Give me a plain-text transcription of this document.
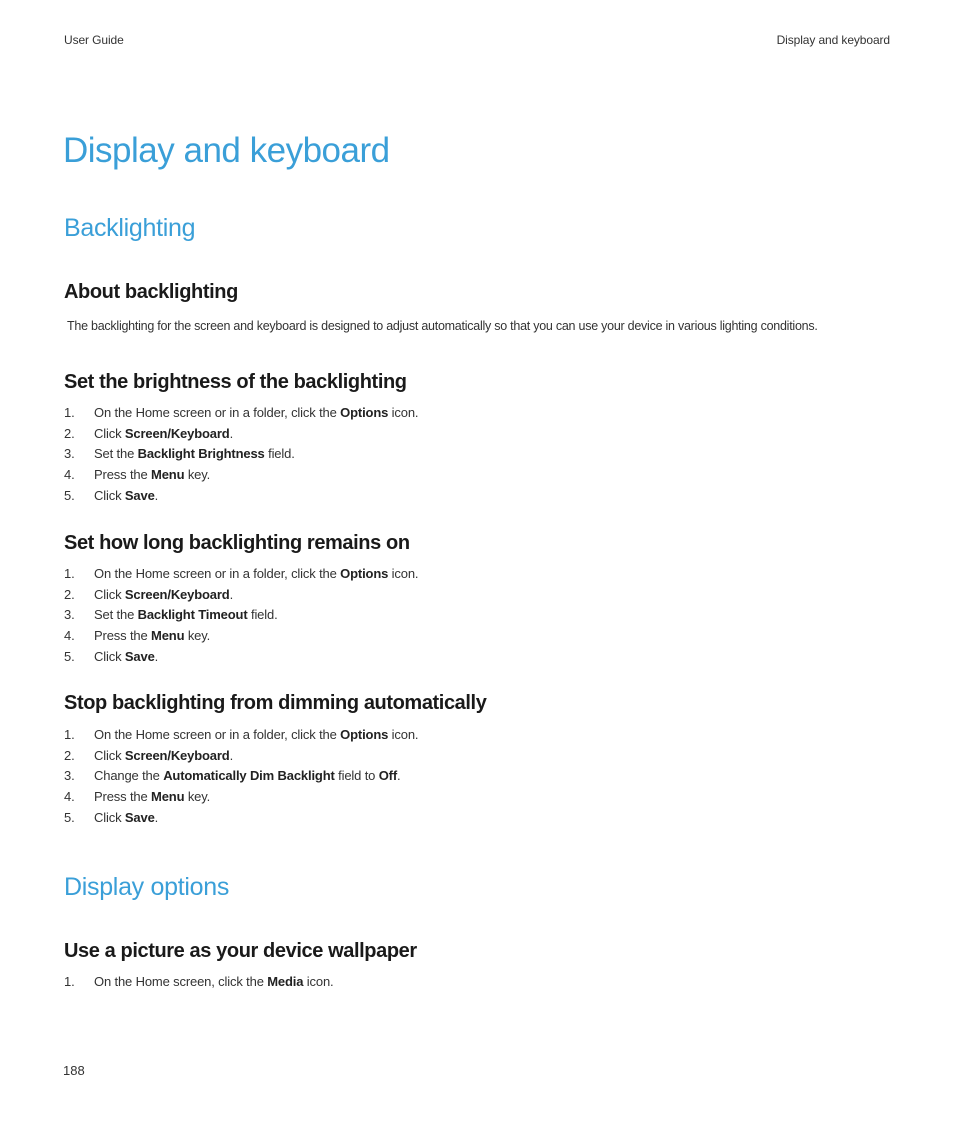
User Guide	Display and keyboard
Display and keyboard
Backlighting
About backlighting

The backlighting for the screen and keyboard is designed to adjust automatically so that you can use your device in various lighting conditions.

Set the brightness of the backlighting
1. On the Home screen or in a folder, click the Options icon.
2. Click Screen/Keyboard.
3. Set the Backlight Brightness field.
4. Press the Menu key.
5. Click Save.
Set how long backlighting remains on
1. On the Home screen or in a folder, click the Options icon.
2. Click Screen/Keyboard.
3. Set the Backlight Timeout field.
4. Press the Menu key.
5. Click Save.
Stop backlighting from dimming automatically
1. On the Home screen or in a folder, click the Options icon.
2. Click Screen/Keyboard.
3. Change the Automatically Dim Backlight field to Off.
4. Press the Menu key.
5. Click Save.
Display options
Use a picture as your device wallpaper
1. On the Home screen, click the Media icon.
188
